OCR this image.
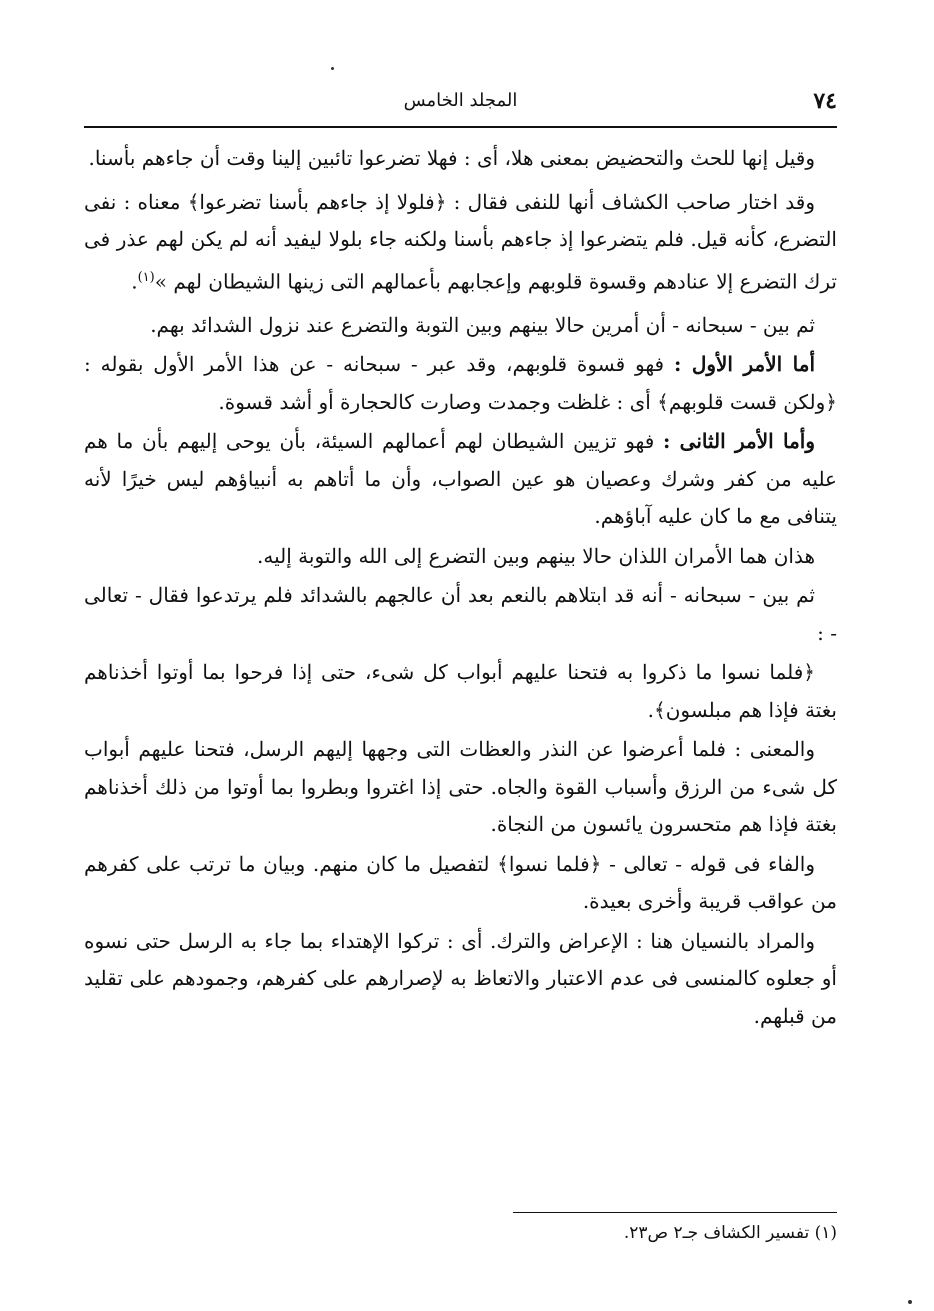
٧٤
المجلد الخامس

وقيل إنها للحث والتحضيض بمعنى هلا، أى : فهلا تضرعوا تائبين إلينا وقت أن جاءهم بأسنا.

وقد اختار صاحب الكشاف أنها للنفى فقال : ﴿فلولا إذ جاءهم بأسنا تضرعوا﴾ معناه : نفى التضرع، كأنه قيل. فلم يتضرعوا إذ جاءهم بأسنا ولكنه جاء بلولا ليفيد أنه لم يكن لهم عذر فى ترك التضرع إلا عنادهم وقسوة قلوبهم وإعجابهم بأعمالهم التى زينها الشيطان لهم »$^{(١)}$.

ثم بين - سبحانه - أن أمرين حالا بينهم وبين التوبة والتضرع عند نزول الشدائد بهم.

أما الأمر الأول : فهو قسوة قلوبهم، وقد عبر - سبحانه - عن هذا الأمر الأول بقوله : ﴿ولكن قست قلوبهم﴾ أى : غلظت وجمدت وصارت كالحجارة أو أشد قسوة.

وأما الأمر الثانى : فهو تزيين الشيطان لهم أعمالهم السيئة، بأن يوحى إليهم بأن ما هم عليه من كفر وشرك وعصيان هو عين الصواب، وأن ما أتاهم به أنبياؤهم ليس خيرًا لأنه يتنافى مع ما كان عليه آباؤهم.

هذان هما الأمران اللذان حالا بينهم وبين التضرع إلى الله والتوبة إليه.

ثم بين - سبحانه - أنه قد ابتلاهم بالنعم بعد أن عالجهم بالشدائد فلم يرتدعوا فقال - تعالى - :

﴿فلما نسوا ما ذكروا به فتحنا عليهم أبواب كل شىء، حتى إذا فرحوا بما أوتوا أخذناهم بغتة فإذا هم مبلسون﴾.

والمعنى : فلما أعرضوا عن النذر والعظات التى وجهها إليهم الرسل، فتحنا عليهم أبواب كل شىء من الرزق وأسباب القوة والجاه. حتى إذا اغتروا وبطروا بما أوتوا من ذلك أخذناهم بغتة فإذا هم متحسرون يائسون من النجاة.

والفاء فى قوله - تعالى - ﴿فلما نسوا﴾ لتفصيل ما كان منهم. وبيان ما ترتب على كفرهم من عواقب قريبة وأخرى بعيدة.

والمراد بالنسيان هنا : الإعراض والترك. أى : تركوا الإهتداء بما جاء به الرسل حتى نسوه أو جعلوه كالمنسى فى عدم الاعتبار والاتعاظ به لإصرارهم على كفرهم، وجمودهم على تقليد من قبلهم.

(١) تفسير الكشاف جـ٢ ص٢٣.
